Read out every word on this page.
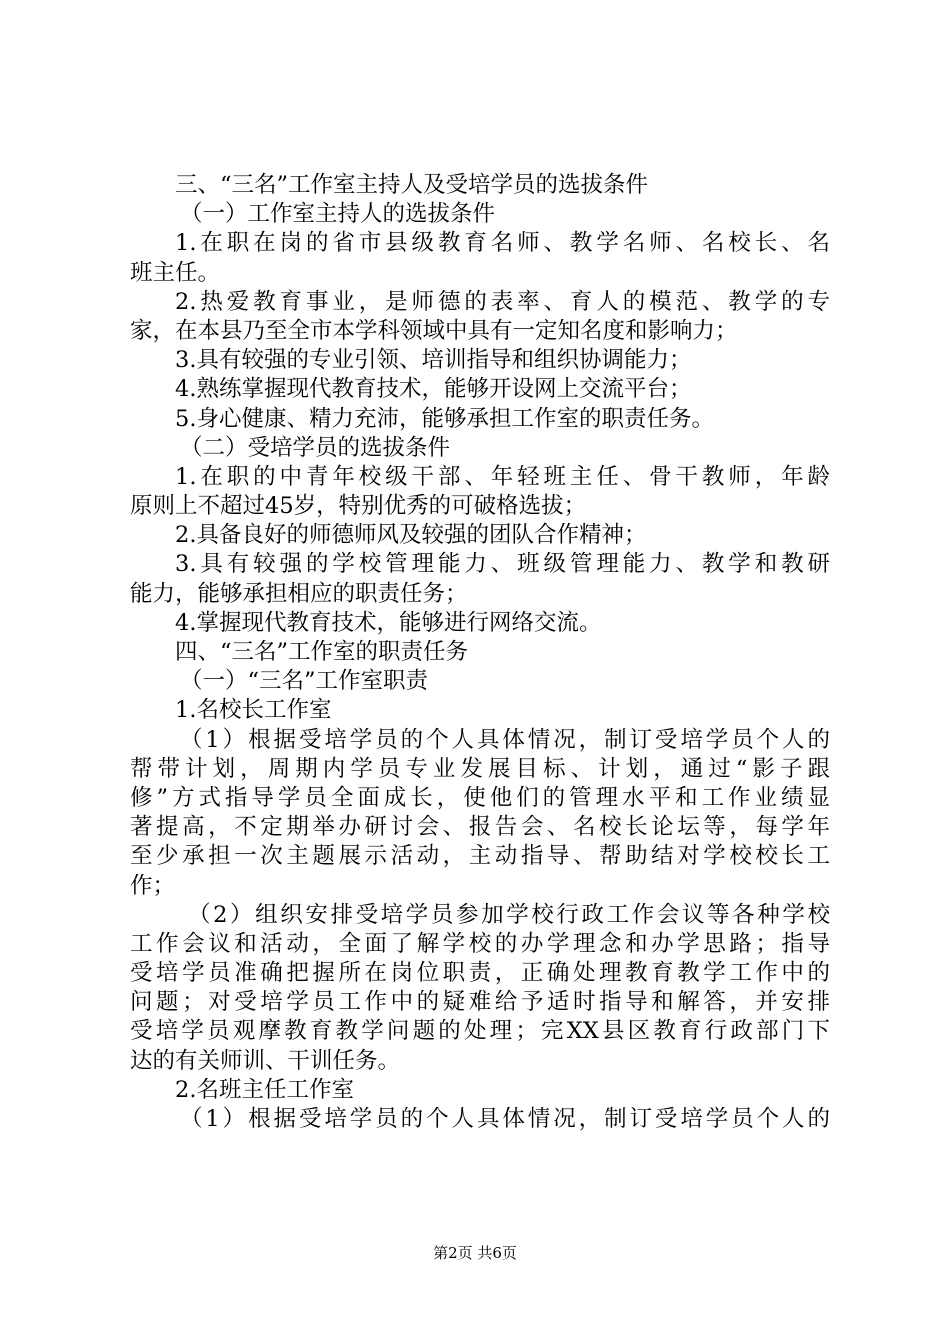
三、“三名”工作室主持人及受培学员的选拔条件
（一）工作室主持人的选拔条件
1.在职在岗的省市县级教育名师、教学名师、名校长、名
班主任。
2.热爱教育事业，是师德的表率、育人的模范、教学的专
家，在本县乃至全市本学科领域中具有一定知名度和影响力；
3.具有较强的专业引领、培训指导和组织协调能力；
4.熟练掌握现代教育技术，能够开设网上交流平台；
5.身心健康、精力充沛，能够承担工作室的职责任务。
（二）受培学员的选拔条件
1.在职的中青年校级干部、年轻班主任、骨干教师，年龄
原则上不超过45岁，特别优秀的可破格选拔；
2.具备良好的师德师风及较强的团队合作精神；
3.具有较强的学校管理能力、班级管理能力、教学和教研
能力，能够承担相应的职责任务；
4.掌握现代教育技术，能够进行网络交流。
四、“三名”工作室的职责任务
（一）“三名”工作室职责
1.名校长工作室
（1）根据受培学员的个人具体情况，制订受培学员个人的
帮带计划，周期内学员专业发展目标、计划，通过“影子跟
修”方式指导学员全面成长，使他们的管理水平和工作业绩显
著提高，不定期举办研讨会、报告会、名校长论坛等，每学年
至少承担一次主题展示活动，主动指导、帮助结对学校校长工
作；
（2）组织安排受培学员参加学校行政工作会议等各种学校
工作会议和活动，全面了解学校的办学理念和办学思路；指导
受培学员准确把握所在岗位职责，正确处理教育教学工作中的
问题；对受培学员工作中的疑难给予适时指导和解答，并安排
受培学员观摩教育教学问题的处理；完XX县区教育行政部门下
达的有关师训、干训任务。
2.名班主任工作室
（1）根据受培学员的个人具体情况，制订受培学员个人的
第2页 共6页
